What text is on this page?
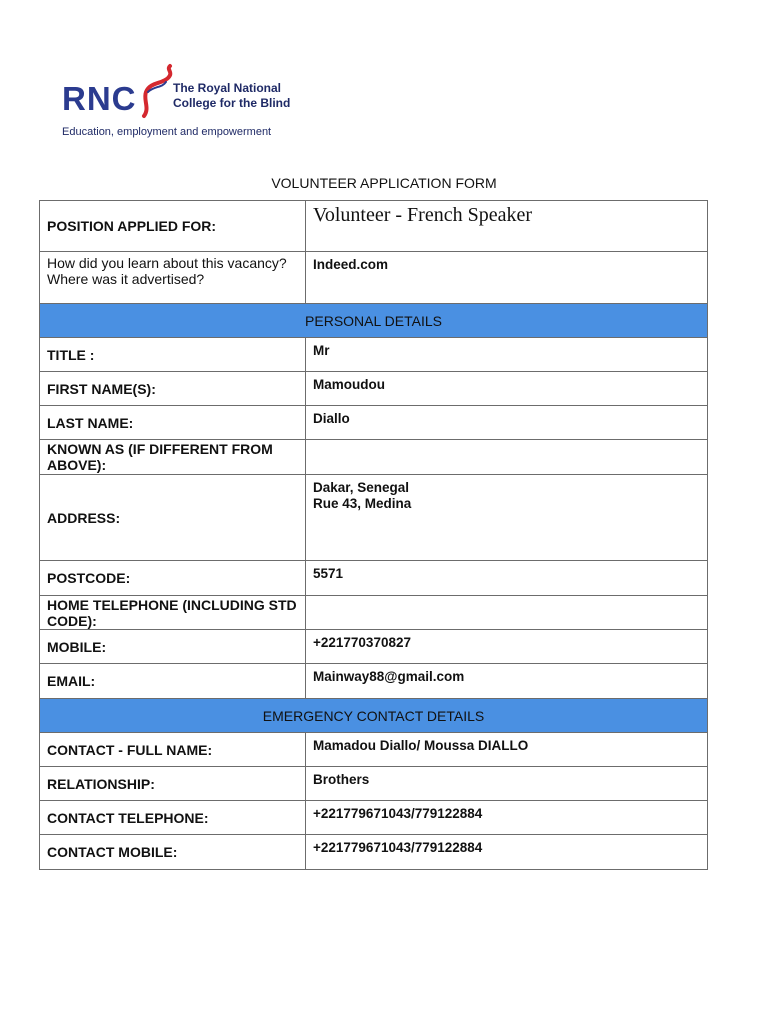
RNC	The Royal National College for the Blind
Education, employment and empowerment
VOLUNTEER APPLICATION FORM
POSITION APPLIED FOR:	Volunteer - French Speaker
How did you learn about this vacancy?
Where was it advertised?	Indeed.com
PERSONAL DETAILS	
TITLE :	Mr
FIRST NAME(S):	Mamoudou
LAST NAME:	Diallo
KNOWN AS (IF DIFFERENT FROM ABOVE):	
ADDRESS:	Dakar, Senegal
Rue 43, Medina
POSTCODE:	5571
HOME TELEPHONE (INCLUDING STD CODE):	
MOBILE:	+221770370827
EMAIL:	Mainway88@gmail.com
EMERGENCY CONTACT DETAILS	
CONTACT - FULL NAME:	Mamadou Diallo/ Moussa DIALLO
RELATIONSHIP:	Brothers
CONTACT TELEPHONE:	+221779671043/779122884
CONTACT MOBILE:	+221779671043/779122884
